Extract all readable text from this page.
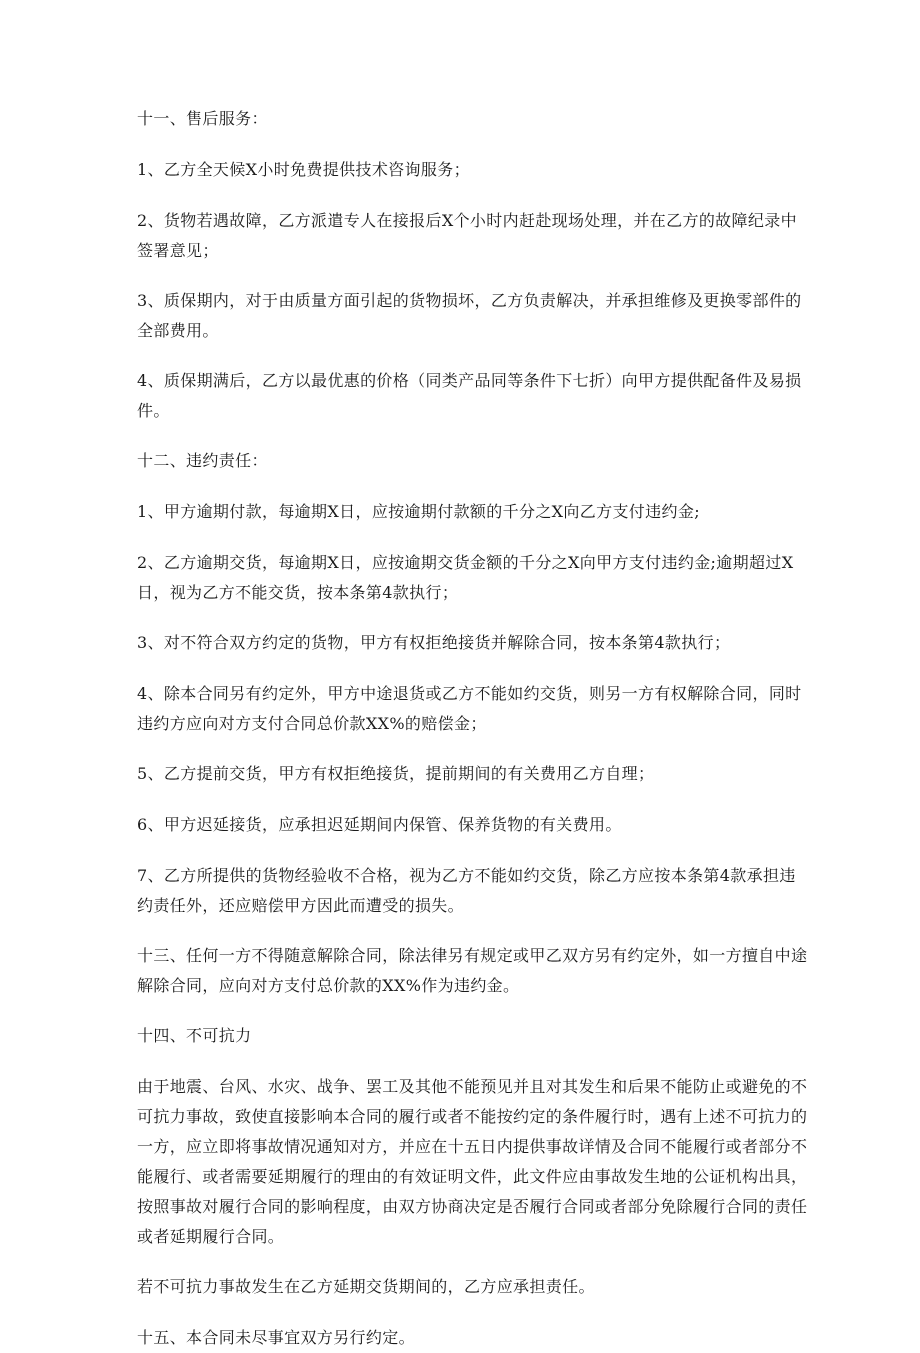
十一、售后服务：

1、乙方全天候X小时免费提供技术咨询服务；

2、货物若遇故障，乙方派遣专人在接报后X个小时内赶赴现场处理，并在乙方的故障纪录中签署意见；

3、质保期内，对于由质量方面引起的货物损坏，乙方负责解决，并承担维修及更换零部件的全部费用。

4、质保期满后，乙方以最优惠的价格（同类产品同等条件下七折）向甲方提供配备件及易损件。

十二、违约责任：

1、甲方逾期付款，每逾期X日，应按逾期付款额的千分之X向乙方支付违约金;

2、乙方逾期交货，每逾期X日，应按逾期交货金额的千分之X向甲方支付违约金;逾期超过X日，视为乙方不能交货，按本条第4款执行；

3、对不符合双方约定的货物，甲方有权拒绝接货并解除合同，按本条第4款执行；

4、除本合同另有约定外，甲方中途退货或乙方不能如约交货，则另一方有权解除合同，同时违约方应向对方支付合同总价款XX%的赔偿金；

5、乙方提前交货，甲方有权拒绝接货，提前期间的有关费用乙方自理；

6、甲方迟延接货，应承担迟延期间内保管、保养货物的有关费用。

7、乙方所提供的货物经验收不合格，视为乙方不能如约交货，除乙方应按本条第4款承担违约责任外，还应赔偿甲方因此而遭受的损失。

十三、任何一方不得随意解除合同，除法律另有规定或甲乙双方另有约定外，如一方擅自中途解除合同，应向对方支付总价款的XX%作为违约金。

十四、不可抗力

由于地震、台风、水灾、战争、罢工及其他不能预见并且对其发生和后果不能防止或避免的不可抗力事故，致使直接影响本合同的履行或者不能按约定的条件履行时，遇有上述不可抗力的一方，应立即将事故情况通知对方，并应在十五日内提供事故详情及合同不能履行或者部分不能履行、或者需要延期履行的理由的有效证明文件，此文件应由事故发生地的公证机构出具，按照事故对履行合同的影响程度，由双方协商决定是否履行合同或者部分免除履行合同的责任或者延期履行合同。

若不可抗力事故发生在乙方延期交货期间的，乙方应承担责任。

十五、本合同未尽事宜双方另行约定。
